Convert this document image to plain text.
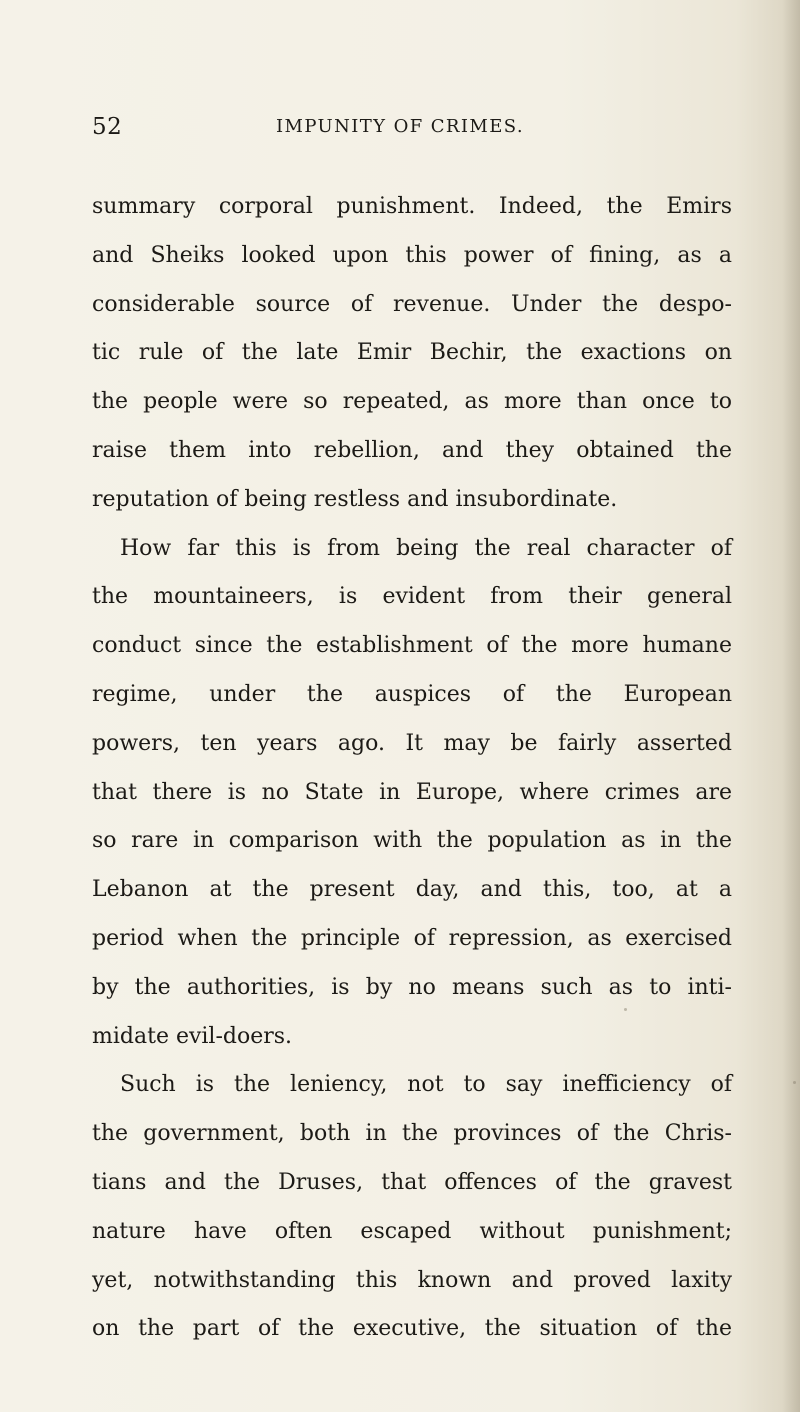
52	IMPUNITY OF CRIMES.
summary corporal punishment. Indeed, the Emirs
and Sheiks looked upon this power of fining, as a
considerable source of revenue. Under the despo-
tic rule of the late Emir Bechir, the exactions on
the people were so repeated, as more than once to
raise them into rebellion, and they obtained the
reputation of being restless and insubordinate.
How far this is from being the real character of
the mountaineers, is evident from their general
conduct since the establishment of the more humane
regime, under the auspices of the European
powers, ten years ago. It may be fairly asserted
that there is no State in Europe, where crimes are
so rare in comparison with the population as in the
Lebanon at the present day, and this, too, at a
period when the principle of repression, as exercised
by the authorities, is by no means such as to inti-
midate evil-doers.
Such is the leniency, not to say inefficiency of
the government, both in the provinces of the Chris-
tians and the Druses, that offences of the gravest
nature have often escaped without punishment;
yet, notwithstanding this known and proved laxity
on the part of the executive, the situation of the
